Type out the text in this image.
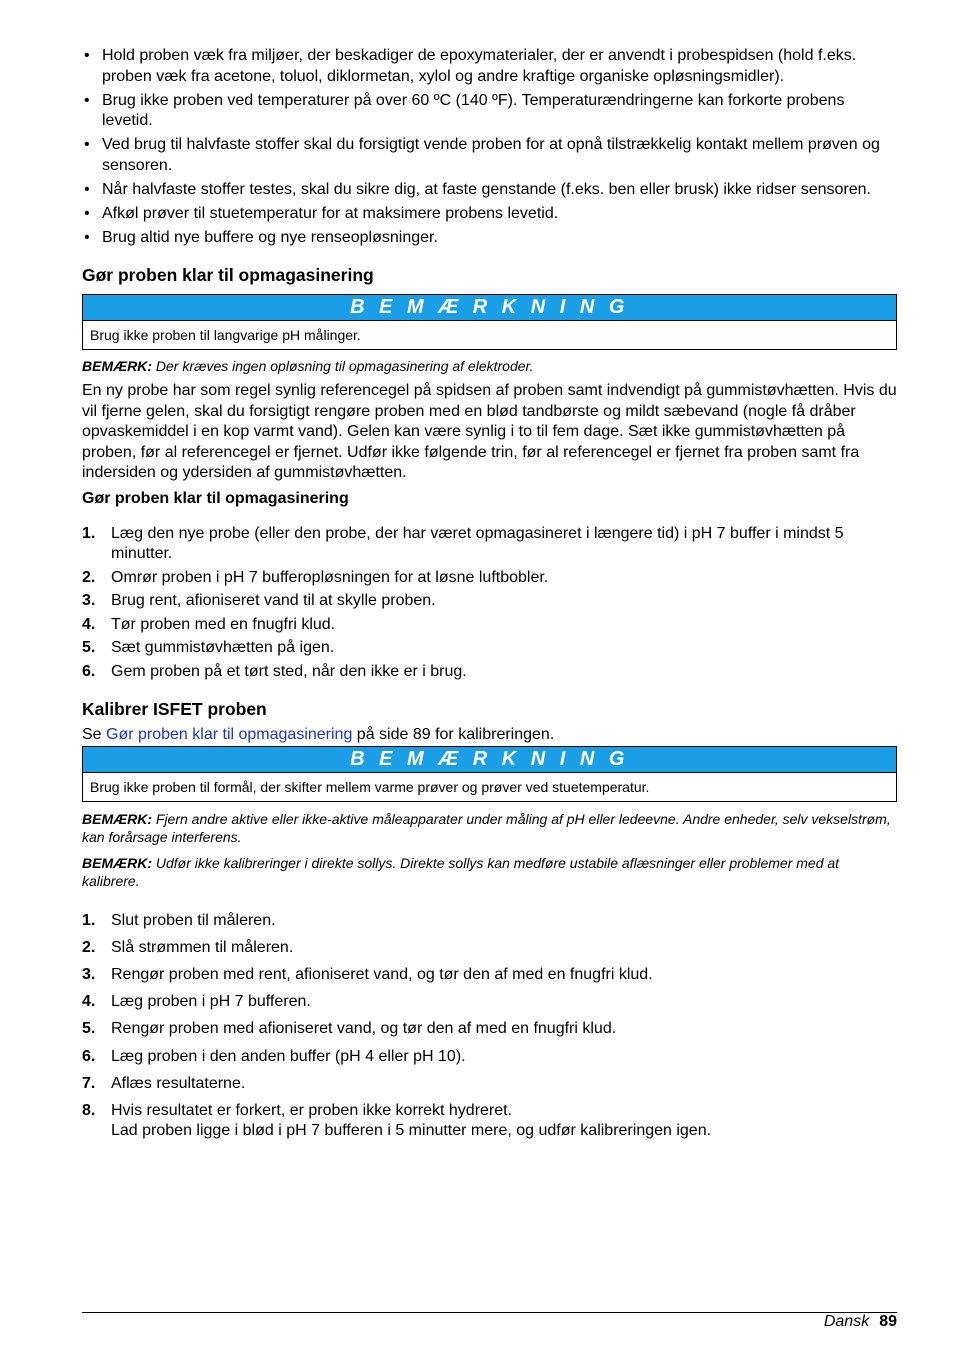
• Hold proben væk fra miljøer, der beskadiger de epoxymaterialer, der er anvendt i probespidsen (hold f.eks. proben væk fra acetone, toluol, diklormetan, xylol og andre kraftige organiske opløsningsmidler).
• Brug ikke proben ved temperaturer på over 60 ºC (140 ºF). Temperaturændringerne kan forkorte probens levetid.
• Ved brug til halvfaste stoffer skal du forsigtigt vende proben for at opnå tilstrækkelig kontakt mellem prøven og sensoren.
• Når halvfaste stoffer testes, skal du sikre dig, at faste genstande (f.eks. ben eller brusk) ikke ridser sensoren.
• Afkøl prøver til stuetemperatur for at maksimere probens levetid.
• Brug altid nye buffere og nye renseopløsninger.
Gør proben klar til opmagasinering
B E M Æ R K N I N G
Brug ikke proben til langvarige pH målinger.

BEMÆRK: Der kræves ingen opløsning til opmagasinering af elektroder.

En ny probe har som regel synlig referencegel på spidsen af proben samt indvendigt på gummistøvhætten. Hvis du vil fjerne gelen, skal du forsigtigt rengøre proben med en blød tandbørste og mildt sæbevand (nogle få dråber opvaskemiddel i en kop varmt vand). Gelen kan være synlig i to til fem dage. Sæt ikke gummistøvhætten på proben, før al referencegel er fjernet. Udfør ikke følgende trin, før al referencegel er fjernet fra proben samt fra indersiden og ydersiden af gummistøvhætten.

Gør proben klar til opmagasinering

1. Læg den nye probe (eller den probe, der har været opmagasineret i længere tid) i pH 7 buffer i mindst 5 minutter.
2. Omrør proben i pH 7 bufferopløsningen for at løsne luftbobler.
3. Brug rent, afioniseret vand til at skylle proben.
4. Tør proben med en fnugfri klud.
5. Sæt gummistøvhætten på igen.
6. Gem proben på et tørt sted, når den ikke er i brug.
Kalibrer ISFET proben

Se Gør proben klar til opmagasinering på side 89 for kalibreringen.

B E M Æ R K N I N G
Brug ikke proben til formål, der skifter mellem varme prøver og prøver ved stuetemperatur.

BEMÆRK: Fjern andre aktive eller ikke-aktive måleapparater under måling af pH eller ledeevne. Andre enheder, selv vekselstrøm, kan forårsage interferens.

BEMÆRK: Udfør ikke kalibreringer i direkte sollys. Direkte sollys kan medføre ustabile aflæsninger eller problemer med at kalibrere.

1. Slut proben til måleren.
2. Slå strømmen til måleren.
3. Rengør proben med rent, afioniseret vand, og tør den af med en fnugfri klud.
4. Læg proben i pH 7 bufferen.
5. Rengør proben med afioniseret vand, og tør den af med en fnugfri klud.
6. Læg proben i den anden buffer (pH 4 eller pH 10).
7. Aflæs resultaterne.
8. Hvis resultatet er forkert, er proben ikke korrekt hydreret.
Lad proben ligge i blød i pH 7 bufferen i 5 minutter mere, og udfør kalibreringen igen.
Dansk 89
